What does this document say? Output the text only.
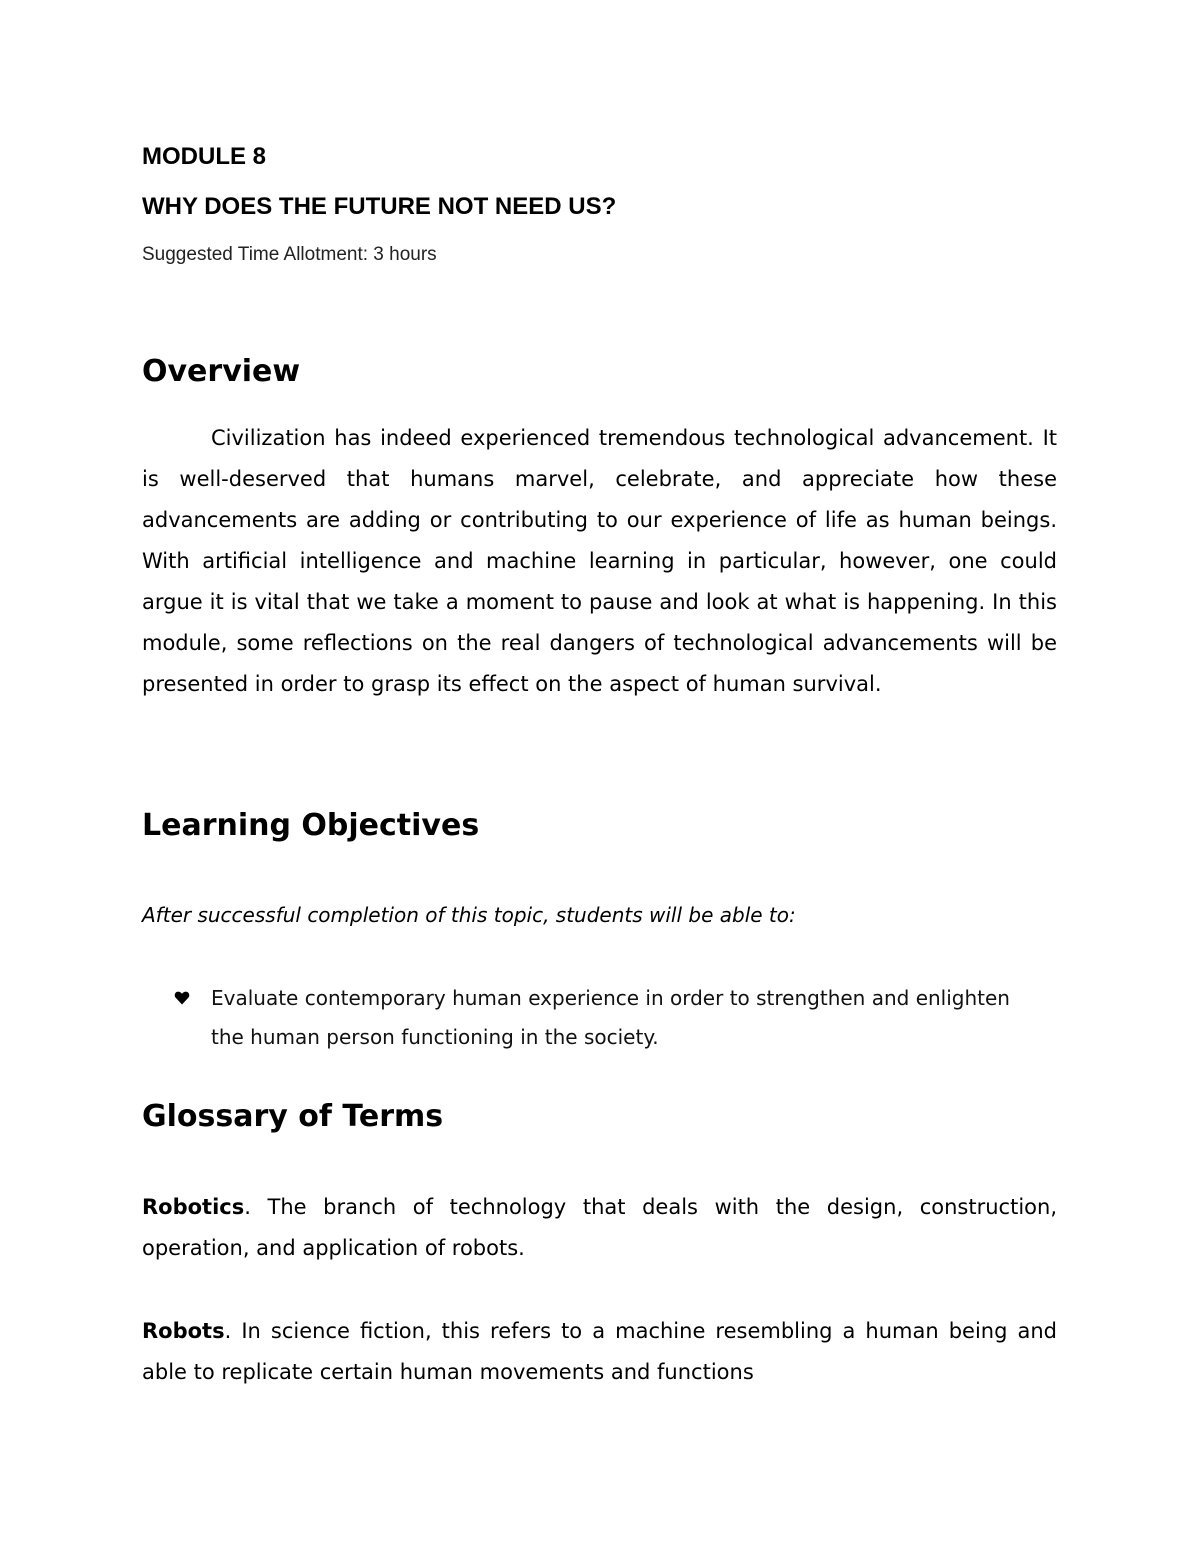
MODULE 8

WHY DOES THE FUTURE NOT NEED US?

Suggested Time Allotment: 3 hours

Overview

Civilization has indeed experienced tremendous technological advancement. It is well-deserved that humans marvel, celebrate, and appreciate how these advancements are adding or contributing to our experience of life as human beings. With artificial intelligence and machine learning in particular, however, one could argue it is vital that we take a moment to pause and look at what is happening. In this module, some reflections on the real dangers of technological advancements will be presented in order to grasp its effect on the aspect of human survival.

Learning Objectives

After successful completion of this topic, students will be able to:

Evaluate contemporary human experience in order to strengthen and enlighten the human person functioning in the society.
Glossary of Terms

Robotics. The branch of technology that deals with the design, construction, operation, and application of robots.

Robots. In science fiction, this refers to a machine resembling a human being and able to replicate certain human movements and functions
